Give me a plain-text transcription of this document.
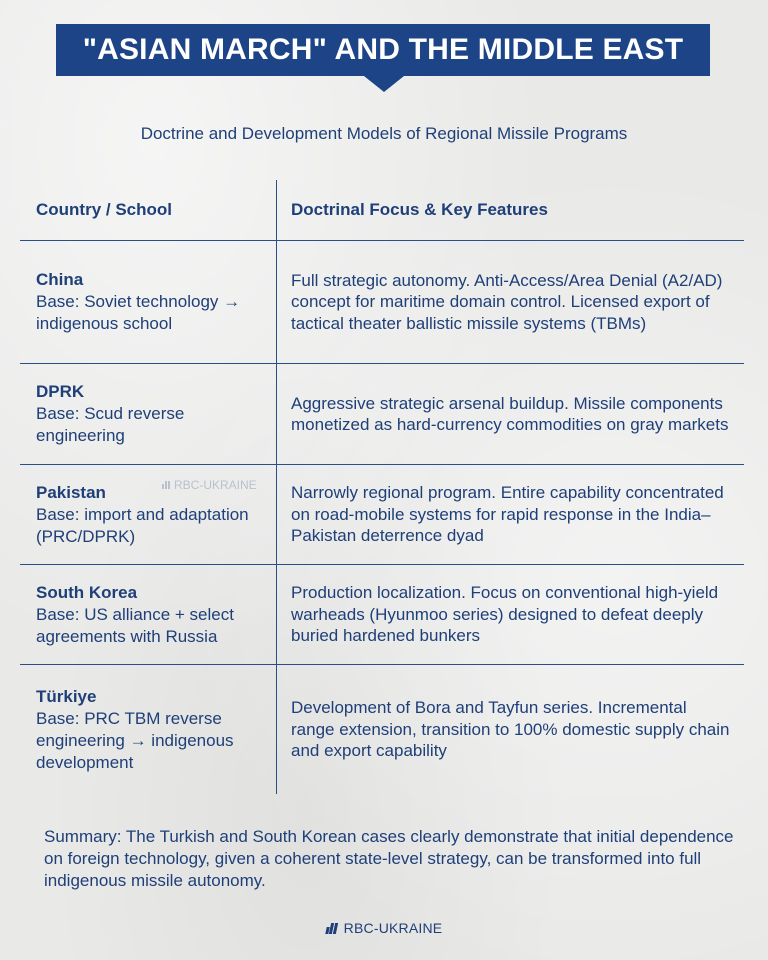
"ASIAN MARCH" AND THE MIDDLE EAST
Doctrine and Development Models of Regional Missile Programs
Country / School	Doctrinal Focus & Key Features
China
Base: Soviet technology → indigenous school
Full strategic autonomy. Anti-Access/Area Denial (A2/AD) concept for maritime domain control. Licensed export of tactical theater ballistic missile systems (TBMs)
DPRK
Base: Scud reverse engineering
Aggressive strategic arsenal buildup. Missile components monetized as hard-currency commodities on gray markets
Pakistan
Base: import and adaptation (PRC/DPRK)
Narrowly regional program. Entire capability concentrated on road-mobile systems for rapid response in the India–Pakistan deterrence dyad
South Korea
Base: US alliance + select agreements with Russia
Production localization. Focus on conventional high-yield warheads (Hyunmoo series) designed to defeat deeply buried hardened bunkers
Türkiye
Base: PRC TBM reverse engineering → indigenous development
Development of Bora and Tayfun series. Incremental range extension, transition to 100% domestic supply chain and export capability
RBC-UKRAINE
Summary: The Turkish and South Korean cases clearly demonstrate that initial dependence on foreign technology, given a coherent state-level strategy, can be transformed into full indigenous missile autonomy.
RBC-UKRAINE
